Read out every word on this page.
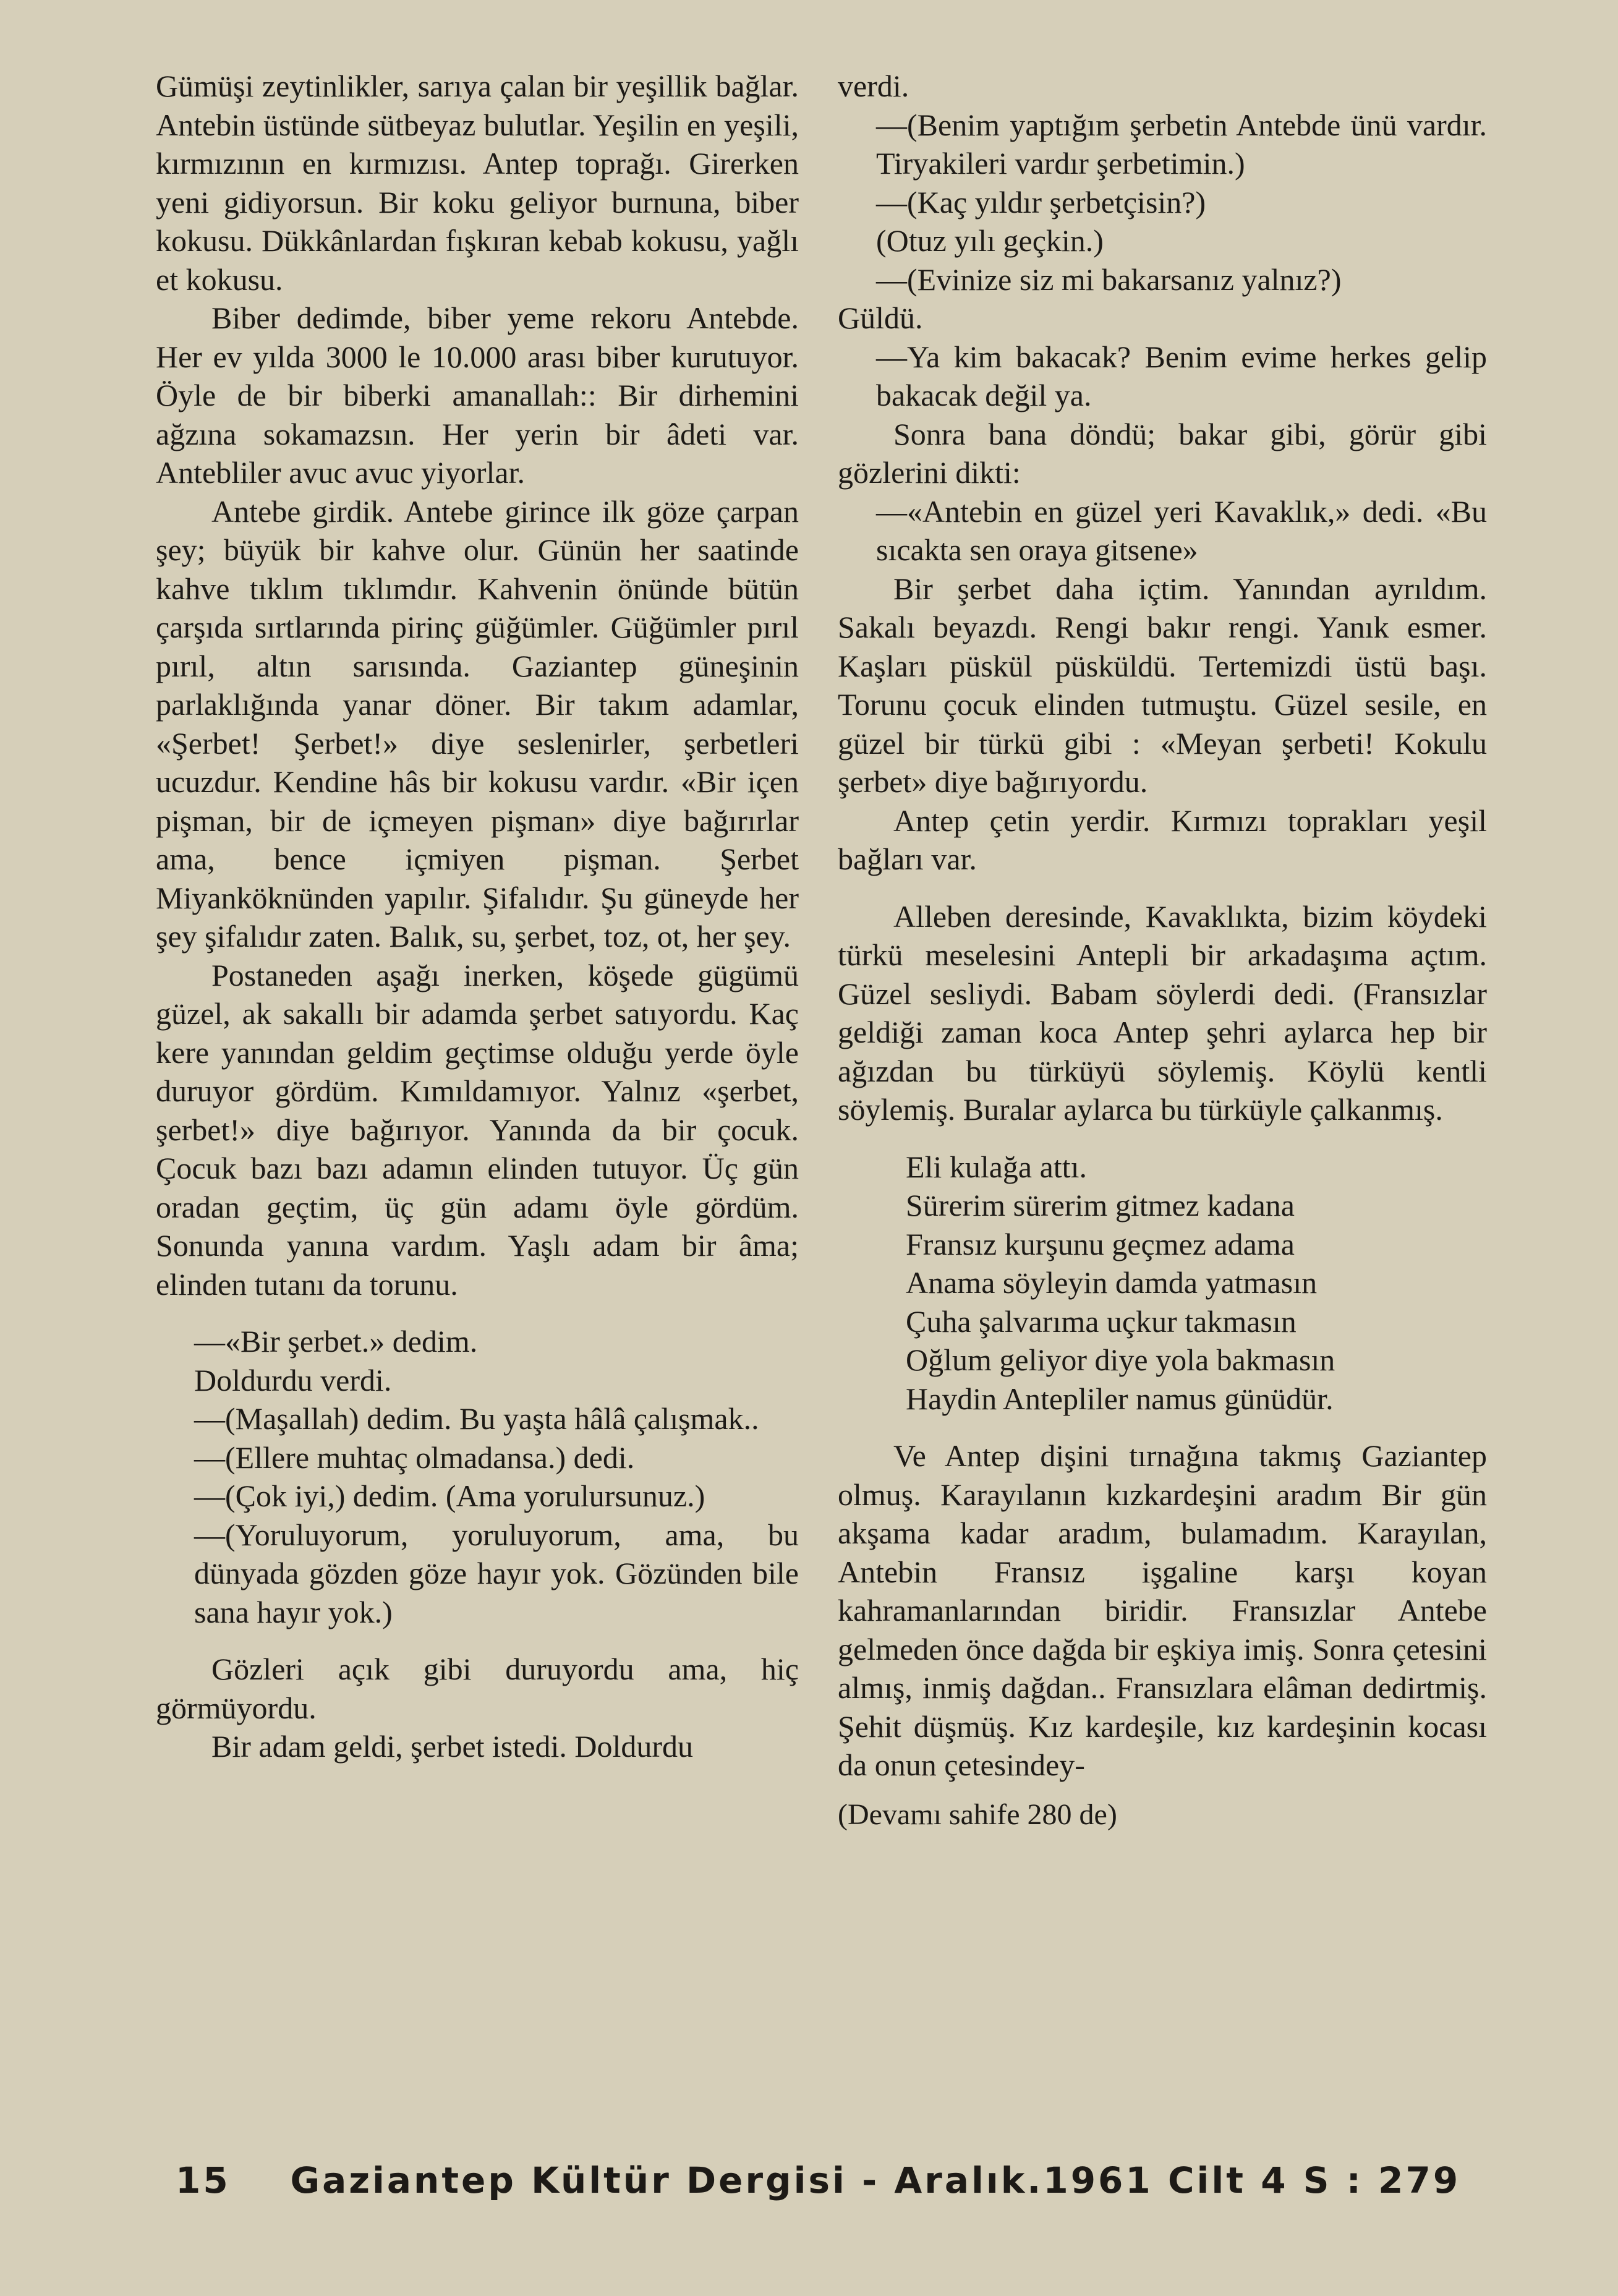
Gümüşi zeytinlikler, sarıya çalan bir yeşillik bağlar. Antebin üstünde sütbeyaz bulutlar. Yeşilin en yeşili, kırmızının en kırmızısı. Antep toprağı. Girerken yeni gidiyorsun. Bir koku geliyor burnuna, biber kokusu. Dükkânlardan fışkıran kebab kokusu, yağlı et kokusu.

Biber dedimde, biber yeme rekoru Antebde. Her ev yılda 3000 le 10.000 arası biber kurutuyor. Öyle de bir biberki amanallah:: Bir dirhemini ağzına sokamazsın. Her yerin bir âdeti var. Antebliler avuc avuc yiyorlar.

Antebe girdik. Antebe girince ilk göze çarpan şey; büyük bir kahve olur. Günün her saatinde kahve tıklım tıklımdır. Kahvenin önünde bütün çarşıda sırtlarında pirinç güğümler. Güğümler pırıl pırıl, altın sarısında. Gaziantep güneşinin parlaklığında yanar döner. Bir takım adamlar, «Şerbet! Şerbet!» diye seslenirler, şerbetleri ucuzdur. Kendine hâs bir kokusu vardır. «Bir içen pişman, bir de içmeyen pişman» diye bağırırlar ama, bence içmiyen pişman. Şerbet Miyanköknünden yapılır. Şifalıdır. Şu güneyde her şey şifalıdır zaten. Balık, su, şerbet, toz, ot, her şey.

Postaneden aşağı inerken, köşede gügümü güzel, ak sakallı bir adamda şerbet satıyordu. Kaç kere yanından geldim geçtimse olduğu yerde öyle duruyor gördüm. Kımıldamıyor. Yalnız «şerbet, şerbet!» diye bağırıyor. Yanında da bir çocuk. Çocuk bazı bazı adamın elinden tutuyor. Üç gün oradan geçtim, üç gün adamı öyle gördüm. Sonunda yanına vardım. Yaşlı adam bir âma; elinden tutanı da torunu.

—«Bir şerbet.» dedim.

Doldurdu verdi.

—(Maşallah) dedim. Bu yaşta hâlâ çalışmak..

—(Ellere muhtaç olmadansa.) dedi.

—(Çok iyi,) dedim. (Ama yorulursunuz.)

—(Yoruluyorum, yoruluyorum, ama, bu dünyada gözden göze hayır yok. Gözünden bile sana hayır yok.)

Gözleri açık gibi duruyordu ama, hiç görmüyordu.

Bir adam geldi, şerbet istedi. Doldurdu

verdi.

—(Benim yaptığım şerbetin Antebde ünü vardır. Tiryakileri vardır şerbetimin.)

—(Kaç yıldır şerbetçisin?)

(Otuz yılı geçkin.)

—(Evinize siz mi bakarsanız yalnız?)

Güldü.

—Ya kim bakacak? Benim evime herkes gelip bakacak değil ya.

Sonra bana döndü; bakar gibi, görür gibi gözlerini dikti:

—«Antebin en güzel yeri Kavaklık,» dedi. «Bu sıcakta sen oraya gitsene»

Bir şerbet daha içtim. Yanından ayrıldım. Sakalı beyazdı. Rengi bakır rengi. Yanık esmer. Kaşları püskül püsküldü. Tertemizdi üstü başı. Torunu çocuk elinden tutmuştu. Güzel sesile, en güzel bir türkü gibi : «Meyan şerbeti! Kokulu şerbet» diye bağırıyordu.

Antep çetin yerdir. Kırmızı toprakları yeşil bağları var.

Alleben deresinde, Kavaklıkta, bizim köydeki türkü meselesini Antepli bir arkadaşıma açtım. Güzel sesliydi. Babam söylerdi dedi. (Fransızlar geldiği zaman koca Antep şehri aylarca hep bir ağızdan bu türküyü söylemiş. Köylü kentli söylemiş. Buralar aylarca bu türküyle çalkanmış.

Eli kulağa attı.

Sürerim sürerim gitmez kadana

Fransız kurşunu geçmez adama

Anama söyleyin damda yatmasın

Çuha şalvarıma uçkur takmasın

Oğlum geliyor diye yola bakmasın

Haydin Antepliler namus günüdür.

Ve Antep dişini tırnağına takmış Gaziantep olmuş. Karayılanın kızkardeşini aradım Bir gün akşama kadar aradım, bulamadım. Karayılan, Antebin Fransız işgaline karşı koyan kahramanlarından biridir. Fransızlar Antebe gelmeden önce dağda bir eşkiya imiş. Sonra çetesini almış, inmiş dağdan.. Fransızlara elâman dedirtmiş. Şehit düşmüş. Kız kardeşile, kız kardeşinin kocası da onun çetesindey-

(Devamı sahife 280 de)

15 Gaziantep Kültür Dergisi - Aralık.1961 Cilt 4 S : 279
